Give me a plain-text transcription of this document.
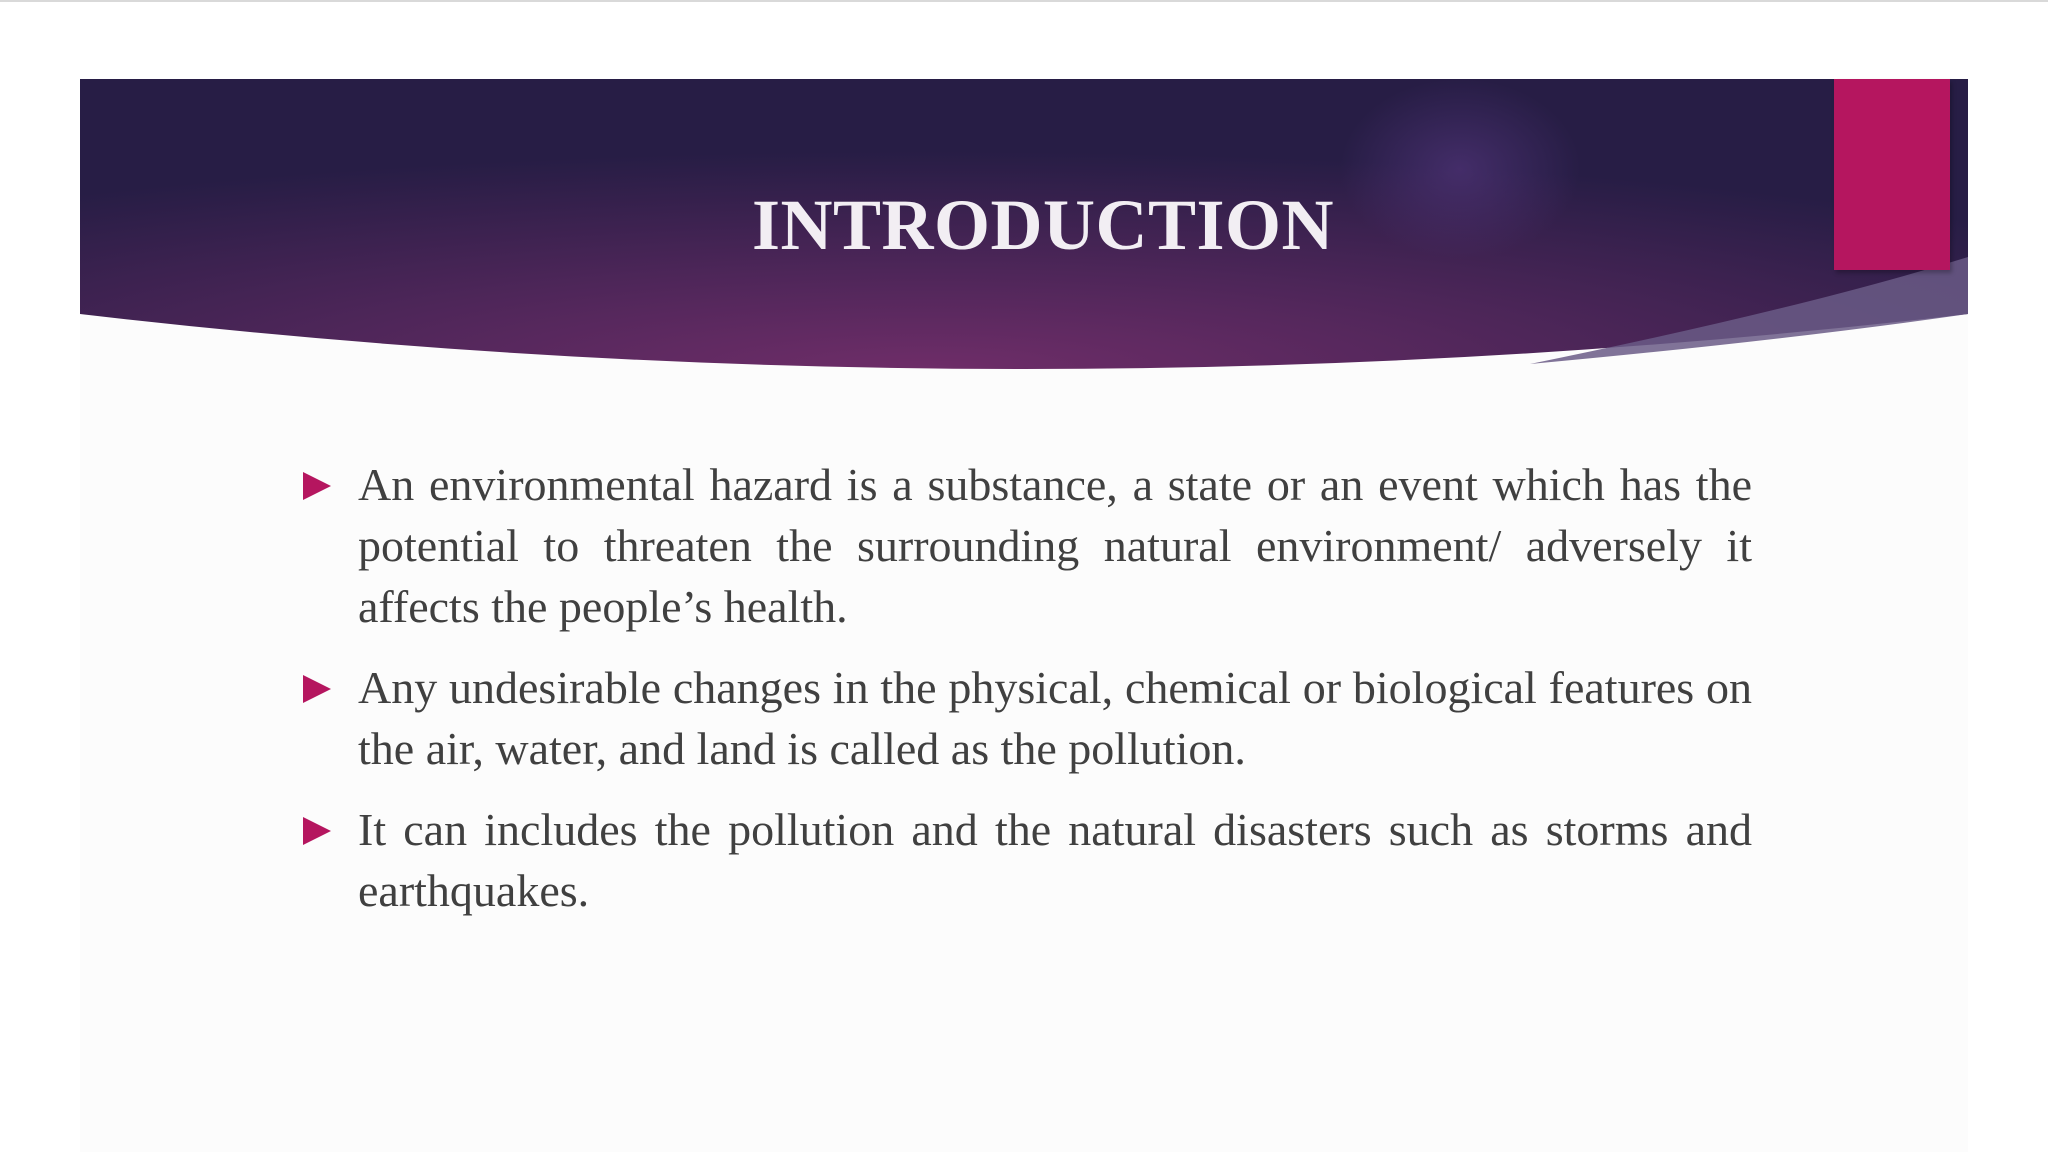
INTRODUCTION
An environmental hazard is a substance, a state or an event which has the potential to threaten the surrounding natural environment/ adversely it affects the people’s health.
Any undesirable changes in the physical, chemical or biological features on the air, water, and land is called as the pollution.
It can includes the pollution and the natural disasters such as storms and earthquakes.
